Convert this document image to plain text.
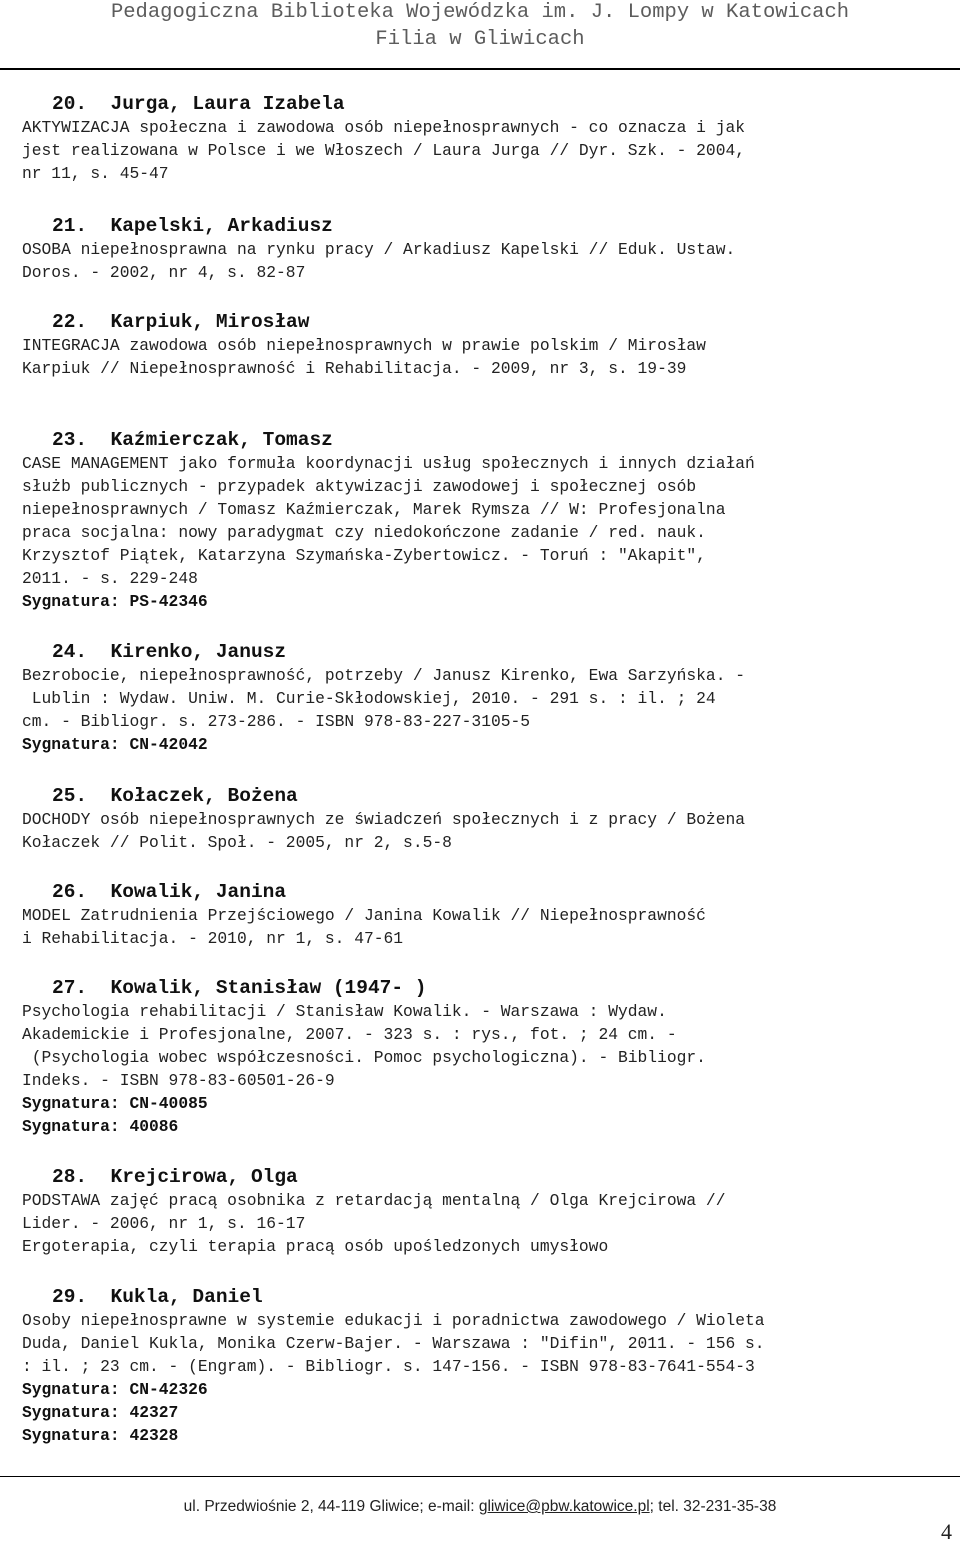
Pedagogiczna Biblioteka Wojewódzka im. J. Lompy w Katowicach
Filia w Gliwicach
20. Jurga, Laura Izabela
AKTYWIZACJA społeczna i zawodowa osób niepełnosprawnych - co oznacza i jak
jest realizowana w Polsce i we Włoszech / Laura Jurga // Dyr. Szk. - 2004,
nr 11, s. 45-47
21. Kapelski, Arkadiusz
OSOBA niepełnosprawna na rynku pracy / Arkadiusz Kapelski // Eduk. Ustaw.
Doros. - 2002, nr 4, s. 82-87
22. Karpiuk, Mirosław
INTEGRACJA zawodowa osób niepełnosprawnych w prawie polskim / Mirosław
Karpiuk // Niepełnosprawność i Rehabilitacja. - 2009, nr 3, s. 19-39
23. Kaźmierczak, Tomasz
CASE MANAGEMENT jako formuła koordynacji usług społecznych i innych działań
służb publicznych - przypadek aktywizacji zawodowej i społecznej osób
niepełnosprawnych / Tomasz Kaźmierczak, Marek Rymsza // W: Profesjonalna
praca socjalna: nowy paradygmat czy niedokończone zadanie / red. nauk.
Krzysztof Piątek, Katarzyna Szymańska-Zybertowicz. - Toruń : "Akapit",
2011. - s. 229-248
Sygnatura: PS-42346
24. Kirenko, Janusz
Bezrobocie, niepełnosprawność, potrzeby / Janusz Kirenko, Ewa Sarzyńska. -
Lublin : Wydaw. Uniw. M. Curie-Skłodowskiej, 2010. - 291 s. : il. ; 24
cm. - Bibliogr. s. 273-286. - ISBN 978-83-227-3105-5
Sygnatura: CN-42042
25. Kołaczek, Bożena
DOCHODY osób niepełnosprawnych ze świadczeń społecznych i z pracy / Bożena
Kołaczek // Polit. Społ. - 2005, nr 2, s.5-8
26. Kowalik, Janina
MODEL Zatrudnienia Przejściowego / Janina Kowalik // Niepełnosprawność
i Rehabilitacja. - 2010, nr 1, s. 47-61
27. Kowalik, Stanisław (1947- )
Psychologia rehabilitacji / Stanisław Kowalik. - Warszawa : Wydaw.
Akademickie i Profesjonalne, 2007. - 323 s. : rys., fot. ; 24 cm. -
(Psychologia wobec współczesności. Pomoc psychologiczna). - Bibliogr.
Indeks. - ISBN 978-83-60501-26-9
Sygnatura: CN-40085
Sygnatura: 40086
28. Krejcirowa, Olga
PODSTAWA zajęć pracą osobnika z retardacją mentalną / Olga Krejcirowa //
Lider. - 2006, nr 1, s. 16-17
Ergoterapia, czyli terapia pracą osób upośledzonych umysłowo
29. Kukla, Daniel
Osoby niepełnosprawne w systemie edukacji i poradnictwa zawodowego / Wioleta
Duda, Daniel Kukla, Monika Czerw-Bajer. - Warszawa : "Difin", 2011. - 156 s.
: il. ; 23 cm. - (Engram). - Bibliogr. s. 147-156. - ISBN 978-83-7641-554-3
Sygnatura: CN-42326
Sygnatura: 42327
Sygnatura: 42328
ul. Przedwiośnie 2, 44-119 Gliwice; e-mail: gliwice@pbw.katowice.pl; tel. 32-231-35-38
4
